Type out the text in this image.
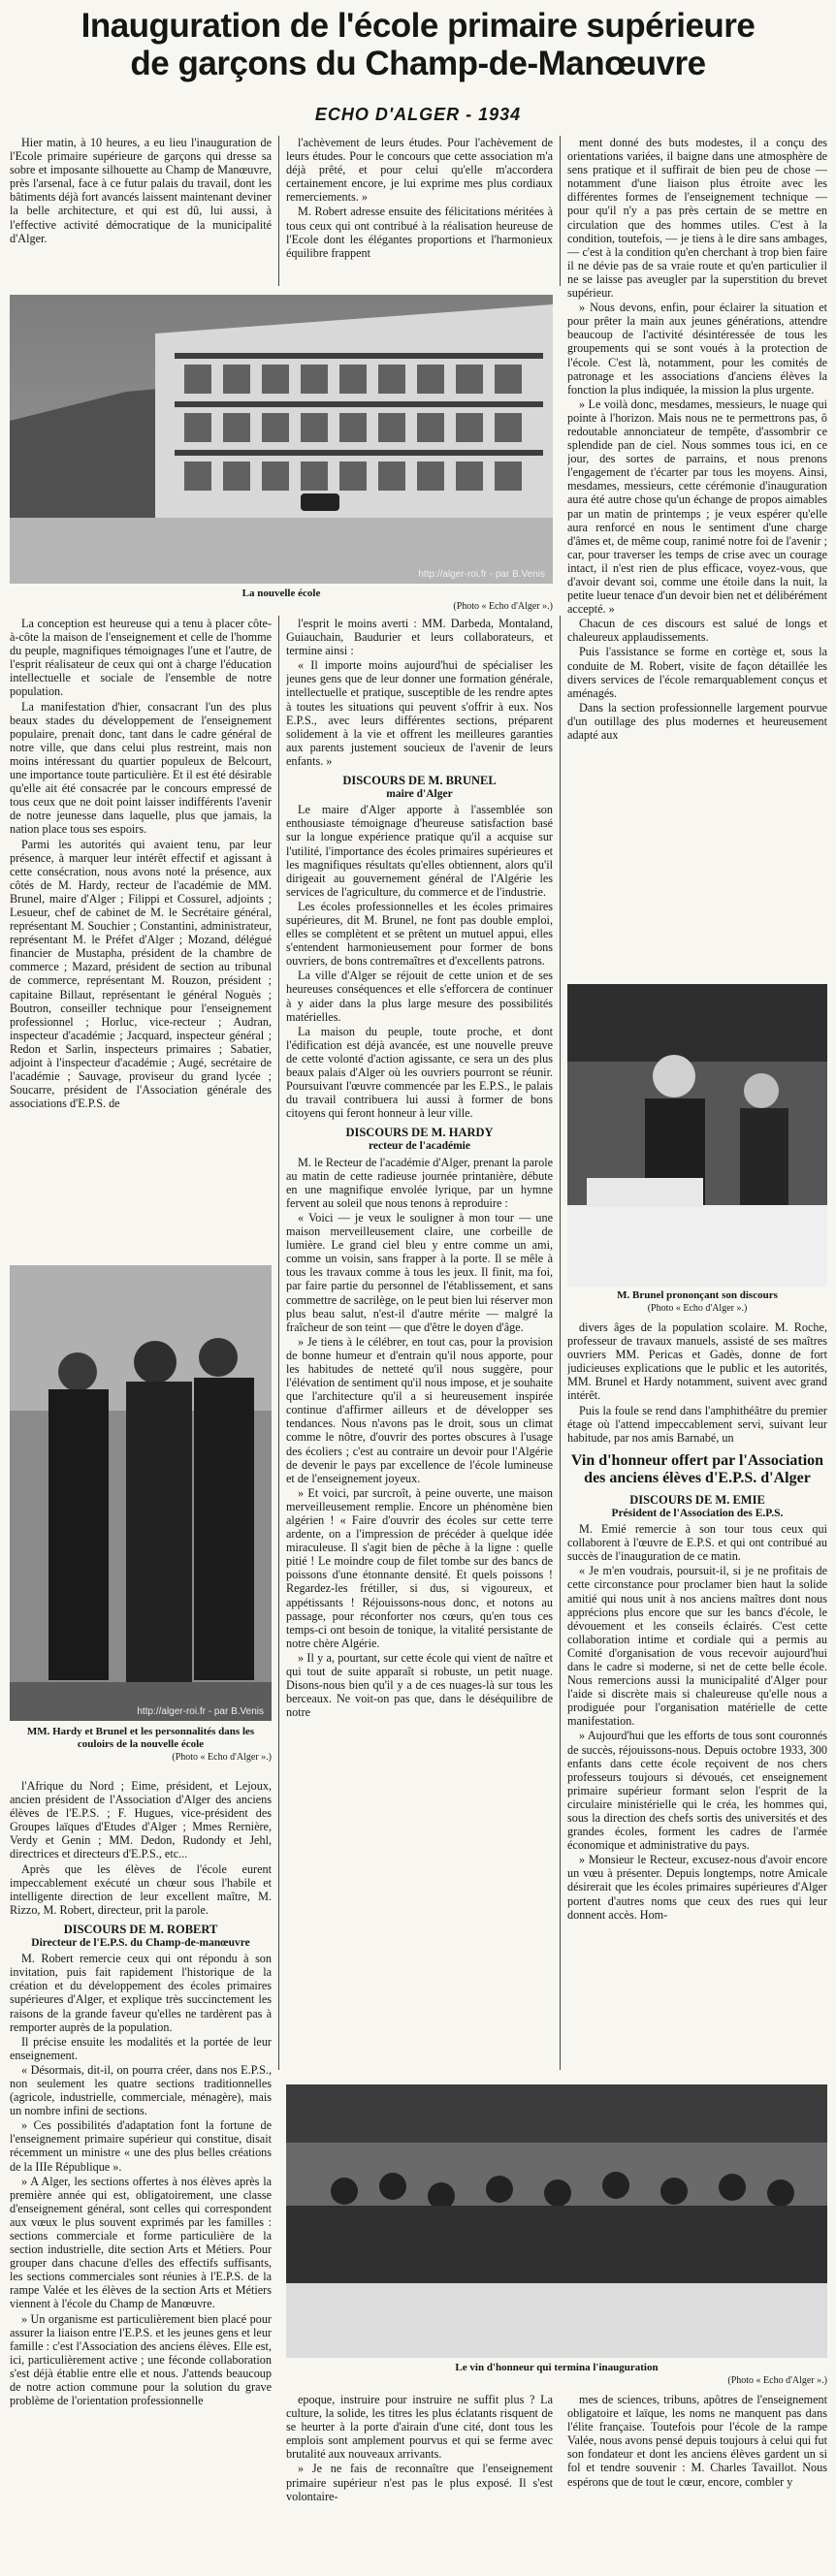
Inauguration de l'école primaire supérieure
de garçons du Champ-de-Manœuvre
ECHO D'ALGER - 1934

Hier matin, à 10 heures, a eu lieu l'inauguration de l'Ecole primaire supérieure de garçons qui dresse sa sobre et imposante silhouette au Champ de Manœuvre, près l'arsenal, face à ce futur palais du travail, dont les bâtiments déjà fort avancés laissent maintenant deviner la belle architecture, et qui est dû, lui aussi, à l'effective activité démocratique de la municipalité d'Alger.

l'achèvement de leurs études. Pour l'achèvement de leurs études. Pour le concours que cette association m'a déjà prêté, et pour celui qu'elle m'accordera certainement encore, je lui exprime mes plus cordiaux remerciements. »

M. Robert adresse ensuite des félicitations méritées à tous ceux qui ont contribué à la réalisation heureuse de l'Ecole dont les élégantes proportions et l'harmonieux équilibre frappent

ment donné des buts modestes, il a conçu des orientations variées, il baigne dans une atmosphère de sens pratique et il suffirait de bien peu de chose — notamment d'une liaison plus étroite avec les différentes formes de l'enseignement technique — pour qu'il n'y a pas près certain de se mettre en circulation que des hommes utiles. C'est à la condition, toutefois, — je tiens à le dire sans ambages, — c'est à la condition qu'en cherchant à trop bien faire il ne dévie pas de sa vraie route et qu'en particulier il ne se laisse pas aveugler par la superstition du brevet supérieur.

» Nous devons, enfin, pour éclairer la situation et pour prêter la main aux jeunes générations, attendre beaucoup de l'activité désintéressée de tous les groupements qui se sont voués à la protection de l'école. C'est là, notamment, pour les comités de patronage et les associations d'anciens élèves la fonction la plus indiquée, la mission la plus urgente.

» Le voilà donc, mesdames, messieurs, le nuage qui pointe à l'horizon. Mais nous ne te permettrons pas, ô redoutable annonciateur de tempête, d'assombrir ce splendide pan de ciel. Nous sommes tous ici, en ce jour, des sortes de parrains, et nous prenons l'engagement de t'écarter par tous les moyens. Ainsi, mesdames, messieurs, cette cérémonie d'inauguration aura été autre chose qu'un échange de propos aimables par un matin de printemps ; je veux espérer qu'elle aura renforcé en nous le sentiment d'une charge d'âmes et, de même coup, ranimé notre foi de l'avenir ; car, pour traverser les temps de crise avec un courage intact, il n'est rien de plus efficace, voyez-vous, que d'avoir devant soi, comme une étoile dans la nuit, la petite lueur tenace d'un devoir bien net et délibérément accepté. »

Chacun de ces discours est salué de longs et chaleureux applaudissements.

Puis l'assistance se forme en cortège et, sous la conduite de M. Robert, visite de façon détaillée les divers services de l'école remarquablement conçus et aménagés.

Dans la section professionnelle largement pourvue d'un outillage des plus modernes et heureusement adapté aux

http://alger-roi.fr - par B.Venis
La nouvelle école
(Photo « Echo d'Alger ».)

La conception est heureuse qui a tenu à placer côte-à-côte la maison de l'enseignement et celle de l'homme du peuple, magnifiques témoignages l'une et l'autre, de l'esprit réalisateur de ceux qui ont à charge l'éducation intellectuelle et sociale de l'ensemble de notre population.

La manifestation d'hier, consacrant l'un des plus beaux stades du développement de l'enseignement populaire, prenait donc, tant dans le cadre général de notre ville, que dans celui plus restreint, mais non moins intéressant du quartier populeux de Belcourt, une importance toute particulière. Et il est été désirable qu'elle ait été consacrée par le concours empressé de tous ceux que ne doit point laisser indifférents l'avenir de notre jeunesse dans laquelle, plus que jamais, la nation place tous ses espoirs.

Parmi les autorités qui avaient tenu, par leur présence, à marquer leur intérêt effectif et agissant à cette consécration, nous avons noté la présence, aux côtés de M. Hardy, recteur de l'académie de MM. Brunel, maire d'Alger ; Filippi et Cossurel, adjoints ; Lesueur, chef de cabinet de M. le Secrétaire général, représentant M. Souchier ; Constantini, administrateur, représentant M. le Préfet d'Alger ; Mozand, délégué financier de Mustapha, président de la chambre de commerce ; Mazard, président de section au tribunal de commerce, représentant M. Rouzon, président ; capitaine Billaut, représentant le général Noguès ; Boutron, conseiller technique pour l'enseignement professionnel ; Horluc, vice-recteur ; Audran, inspecteur d'académie ; Jacquard, inspecteur général ; Redon et Sarlin, inspecteurs primaires ; Sabatier, adjoint à l'inspecteur d'académie ; Augé, secrétaire de l'académie ; Sauvage, proviseur du grand lycée ; Soucarre, président de l'Association générale des associations d'E.P.S. de

l'esprit le moins averti : MM. Darbeda, Montaland, Guiauchain, Baudurier et leurs collaborateurs, et termine ainsi :

« Il importe moins aujourd'hui de spécialiser les jeunes gens que de leur donner une formation générale, intellectuelle et pratique, susceptible de les rendre aptes à toutes les situations qui peuvent s'offrir à eux. Nos E.P.S., avec leurs différentes sections, préparent solidement à la vie et offrent les meilleures garanties aux parents justement soucieux de l'avenir de leurs enfants. »

DISCOURS DE M. BRUNEL
maire d'Alger

Le maire d'Alger apporte à l'assemblée son enthousiaste témoignage d'heureuse satisfaction basé sur la longue expérience pratique qu'il a acquise sur l'utilité, l'importance des écoles primaires supérieures et les magnifiques résultats qu'elles obtiennent, alors qu'il dirigeait au gouvernement général de l'Algérie les services de l'agriculture, du commerce et de l'industrie.

Les écoles professionnelles et les écoles primaires supérieures, dit M. Brunel, ne font pas double emploi, elles se complètent et se prêtent un mutuel appui, elles s'entendent harmonieusement pour former de bons ouvriers, de bons contremaîtres et d'excellents patrons.

La ville d'Alger se réjouit de cette union et de ses heureuses conséquences et elle s'efforcera de continuer à y aider dans la plus large mesure des possibilités matérielles.

La maison du peuple, toute proche, et dont l'édification est déjà avancée, est une nouvelle preuve de cette volonté d'action agissante, ce sera un des plus beaux palais d'Alger où les ouvriers pourront se réunir. Poursuivant l'œuvre commencée par les E.P.S., le palais du travail contribuera lui aussi à former de bons citoyens qui feront honneur à leur ville.

DISCOURS DE M. HARDY
recteur de l'académie

M. le Recteur de l'académie d'Alger, prenant la parole au matin de cette radieuse journée printanière, débute en une magnifique envolée lyrique, par un hymne fervent au soleil que nous tenons à reproduire :

« Voici — je veux le souligner à mon tour — une maison merveilleusement claire, une corbeille de lumière. Le grand ciel bleu y entre comme un ami, comme un voisin, sans frapper à la porte. Il se mêle à tous les travaux comme à tous les jeux. Il finit, ma foi, par faire partie du personnel de l'établissement, et sans commettre de sacrilège, on le peut bien lui réserver mon plus beau salut, n'est-il d'autre mérite — malgré la fraîcheur de son teint — que d'être le doyen d'âge.

» Je tiens à le célébrer, en tout cas, pour la provision de bonne humeur et d'entrain qu'il nous apporte, pour les habitudes de netteté qu'il nous suggère, pour l'élévation de sentiment qu'il nous impose, et je souhaite que l'architecture qu'il a si heureusement inspirée continue d'affirmer ailleurs et de développer ses tendances. Nous n'avons pas le droit, sous un climat comme le nôtre, d'ouvrir des portes obscures à l'usage des écoliers ; c'est au contraire un devoir pour l'Algérie de devenir le pays par excellence de l'école lumineuse et de l'enseignement joyeux.

» Et voici, par surcroît, à peine ouverte, une maison merveilleusement remplie. Encore un phénomène bien algérien ! « Faire d'ouvrir des écoles sur cette terre ardente, on a l'impression de précéder à quelque idée miraculeuse. Il s'agit bien de pêche à la ligne : quelle pitié ! Le moindre coup de filet tombe sur des bancs de poissons d'une étonnante densité. Et quels poissons ! Regardez-les frétiller, si dus, si vigoureux, et appétissants ! Réjouissons-nous donc, et notons au passage, pour réconforter nos cœurs, qu'en tous ces temps-ci ont besoin de tonique, la vitalité persistante de notre chère Algérie.

» Il y a, pourtant, sur cette école qui vient de naître et qui tout de suite apparaît si robuste, un petit nuage. Disons-nous bien qu'il y a de ces nuages-là sur tous les berceaux. Ne voit-on pas que, dans le déséquilibre de notre

M. Brunel prononçant son discours
(Photo « Echo d'Alger ».)

divers âges de la population scolaire. M. Roche, professeur de travaux manuels, assisté de ses maîtres ouvriers MM. Pericas et Gadès, donne de fort judicieuses explications que le public et les autorités, MM. Brunel et Hardy notamment, suivent avec grand intérêt.

Puis la foule se rend dans l'amphithéâtre du premier étage où l'attend impeccablement servi, suivant leur habitude, par nos amis Barnabé, un

Vin d'honneur offert par l'Association des anciens élèves d'E.P.S. d'Alger
DISCOURS DE M. EMIE
Président de l'Association des E.P.S.

M. Emié remercie à son tour tous ceux qui collaborent à l'œuvre de E.P.S. et qui ont contribué au succès de l'inauguration de ce matin.

« Je m'en voudrais, poursuit-il, si je ne profitais de cette circonstance pour proclamer bien haut la solide amitié qui nous unit à nos anciens maîtres dont nous apprécions plus encore que sur les bancs d'école, le dévouement et les conseils éclairés. C'est cette collaboration intime et cordiale qui a permis au Comité d'organisation de vous recevoir aujourd'hui dans le cadre si moderne, si net de cette belle école. Nous remercions aussi la municipalité d'Alger pour l'aide si discrète mais si chaleureuse qu'elle nous a prodiguée pour l'organisation matérielle de cette manifestation.

» Aujourd'hui que les efforts de tous sont couronnés de succès, réjouissons-nous. Depuis octobre 1933, 300 enfants dans cette école reçoivent de nos chers professeurs toujours si dévoués, cet enseignement primaire supérieur formant selon l'esprit de la circulaire ministérielle qui le créa, les hommes qui, sous la direction des chefs sortis des universités et des grandes écoles, forment les cadres de l'armée économique et administrative du pays.

» Monsieur le Recteur, excusez-nous d'avoir encore un vœu à présenter. Depuis longtemps, notre Amicale désirerait que les écoles primaires supérieures d'Alger portent d'autres noms que ceux des rues qui leur donnent accès. Hom-

http://alger-roi.fr - par B.Venis
MM. Hardy et Brunel et les personnalités dans les couloirs de la nouvelle école
(Photo « Echo d'Alger ».)

l'Afrique du Nord ; Eime, président, et Lejoux, ancien président de l'Association d'Alger des anciens élèves de l'E.P.S. ; F. Hugues, vice-président des Groupes laïques d'Etudes d'Alger ; Mmes Rernière, Verdy et Genin ; MM. Dedon, Rudondy et Jehl, directrices et directeurs d'E.P.S., etc...

Après que les élèves de l'école eurent impeccablement exécuté un chœur sous l'habile et intelligente direction de leur excellent maître, M. Rizzo, M. Robert, directeur, prit la parole.

DISCOURS DE M. ROBERT
Directeur de l'E.P.S. du Champ-de-manœuvre

M. Robert remercie ceux qui ont répondu à son invitation, puis fait rapidement l'historique de la création et du développement des écoles primaires supérieures d'Alger, et explique très succinctement les raisons de la grande faveur qu'elles ne tardèrent pas à remporter auprès de la population.

Il précise ensuite les modalités et la portée de leur enseignement.

« Désormais, dit-il, on pourra créer, dans nos E.P.S., non seulement les quatre sections traditionnelles (agricole, industrielle, commerciale, ménagère), mais un nombre infini de sections.

» Ces possibilités d'adaptation font la fortune de l'enseignement primaire supérieur qui constitue, disait récemment un ministre « une des plus belles créations de la IIIe République ».

» A Alger, les sections offertes à nos élèves après la première année qui est, obligatoirement, une classe d'enseignement général, sont celles qui correspondent aux vœux le plus souvent exprimés par les familles : sections commerciale et forme particulière de la section industrielle, dite section Arts et Métiers. Pour grouper dans chacune d'elles des effectifs suffisants, les sections commerciales sont réunies à l'E.P.S. de la rampe Valée et les élèves de la section Arts et Métiers viennent à l'école du Champ de Manœuvre.

» Un organisme est particulièrement bien placé pour assurer la liaison entre l'E.P.S. et les jeunes gens et leur famille : c'est l'Association des anciens élèves. Elle est, ici, particulièrement active ; une féconde collaboration s'est déjà établie entre elle et nous. J'attends beaucoup de notre action commune pour la solution du grave problème de l'orientation professionnelle

Le vin d'honneur qui termina l'inauguration
(Photo « Echo d'Alger ».)

epoque, instruire pour instruire ne suffit plus ? La culture, la solide, les titres les plus éclatants risquent de se heurter à la porte d'airain d'une cité, dont tous les emplois sont amplement pourvus et qui se ferme avec brutalité aux nouveaux arrivants.

» Je ne fais de reconnaître que l'enseignement primaire supérieur n'est pas le plus exposé. Il s'est volontaire-

mes de sciences, tribuns, apôtres de l'enseignement obligatoire et laïque, les noms ne manquent pas dans l'élite française. Toutefois pour l'école de la rampe Valée, nous avons pensé depuis toujours à celui qui fut son fondateur et dont les anciens élèves gardent un si fol et tendre souvenir : M. Charles Tavaillot. Nous espérons que de tout le cœur, encore, combler y
